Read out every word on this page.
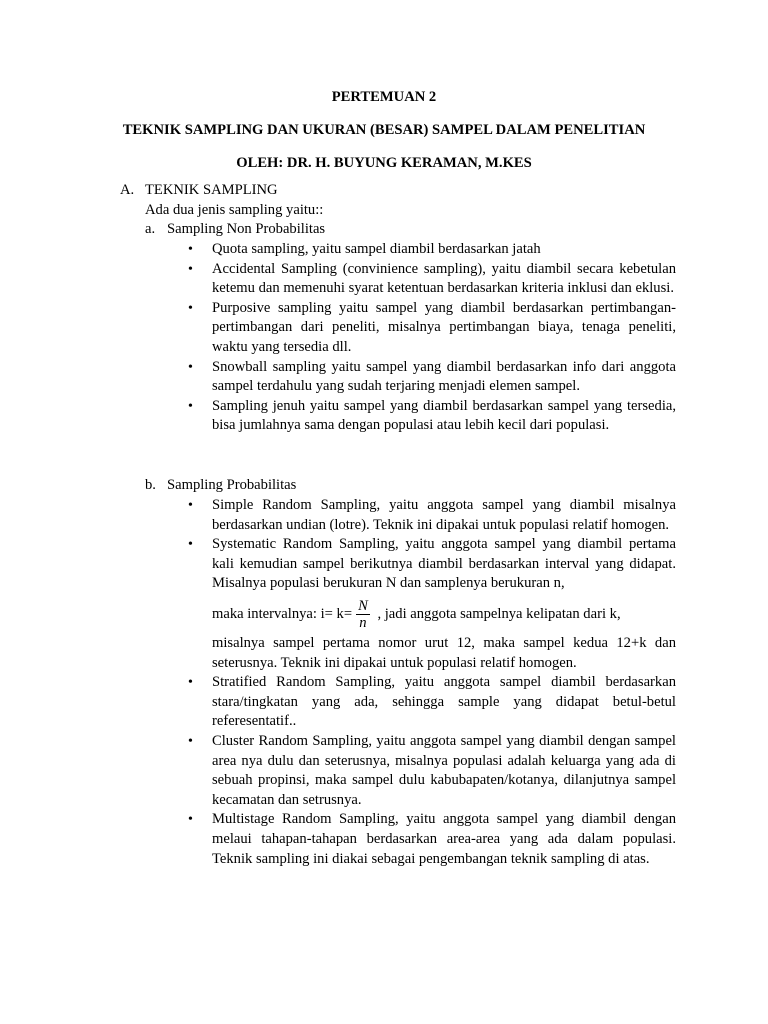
PERTEMUAN 2
TEKNIK SAMPLING DAN UKURAN (BESAR) SAMPEL DALAM PENELITIAN
OLEH: DR. H. BUYUNG KERAMAN, M.KES
A. TEKNIK SAMPLING
Ada dua jenis sampling yaitu::
a. Sampling Non Probabilitas
•	Quota sampling, yaitu sampel diambil berdasarkan jatah
•	Accidental Sampling (convinience sampling), yaitu diambil secara kebetulan ketemu dan memenuhi syarat ketentuan berdasarkan kriteria inklusi dan eklusi.
•	Purposive sampling yaitu sampel yang diambil berdasarkan pertimbangan-pertimbangan dari peneliti, misalnya pertimbangan biaya, tenaga peneliti, waktu yang tersedia dll.
•	Snowball sampling yaitu sampel yang diambil berdasarkan info dari anggota sampel terdahulu yang sudah terjaring menjadi elemen sampel.
•	Sampling jenuh yaitu sampel yang diambil berdasarkan sampel yang tersedia, bisa jumlahnya sama dengan populasi atau lebih kecil dari populasi.
b. Sampling Probabilitas
•	Simple Random Sampling, yaitu anggota sampel yang diambil misalnya berdasarkan undian (lotre). Teknik ini dipakai untuk populasi relatif homogen.
•	Systematic Random Sampling, yaitu anggota sampel yang diambil pertama kali kemudian sampel berikutnya diambil berdasarkan interval yang didapat. Misalnya populasi berukuran N dan samplenya berukuran n,
maka intervalnya: $i= k= \frac{N}{n}$ , jadi anggota sampelnya kelipatan dari k,
misalnya sampel pertama nomor urut 12, maka sampel kedua 12+k dan seterusnya. Teknik ini dipakai untuk populasi relatif homogen.
•	Stratified Random Sampling, yaitu anggota sampel diambil berdasarkan stara/tingkatan yang ada, sehingga sample yang didapat betul-betul referesentatif..
•	Cluster Random Sampling, yaitu anggota sampel yang diambil dengan sampel area nya dulu dan seterusnya, misalnya populasi adalah keluarga yang ada di sebuah propinsi, maka sampel dulu kabubapaten/kotanya, dilanjutnya sampel kecamatan dan setrusnya.
•	Multistage Random Sampling, yaitu anggota sampel yang diambil dengan melaui tahapan-tahapan berdasarkan area-area yang ada dalam populasi. Teknik sampling ini diakai sebagai pengembangan teknik sampling di atas.
